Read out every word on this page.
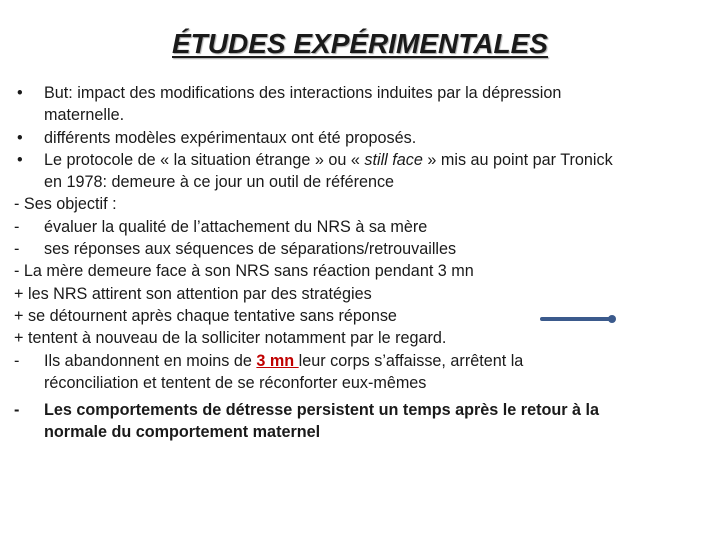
ÉTUDES EXPÉRIMENTALES
•	But: impact des modifications des interactions induites par la dépression
maternelle.
•	différents modèles expérimentaux ont été proposés.
•	Le protocole de « la situation étrange » ou « still face » mis au point par Tronick
en 1978: demeure à ce jour un outil de référence
- Ses objectif :
-	évaluer la qualité de l’attachement du NRS à sa mère
-	ses réponses aux séquences de séparations/retrouvailles
- La mère demeure face à son NRS sans réaction pendant 3 mn
+ les NRS attirent son attention par des stratégies
+ se détournent après chaque tentative sans réponse
+ tentent à nouveau de la solliciter notamment par le regard.
-	Ils abandonnent en moins de 3 mn leur corps s’affaisse, arrêtent la
réconciliation et tentent de se réconforter eux-mêmes
-	Les comportements de détresse persistent un temps après le retour à la
normale du comportement maternel
